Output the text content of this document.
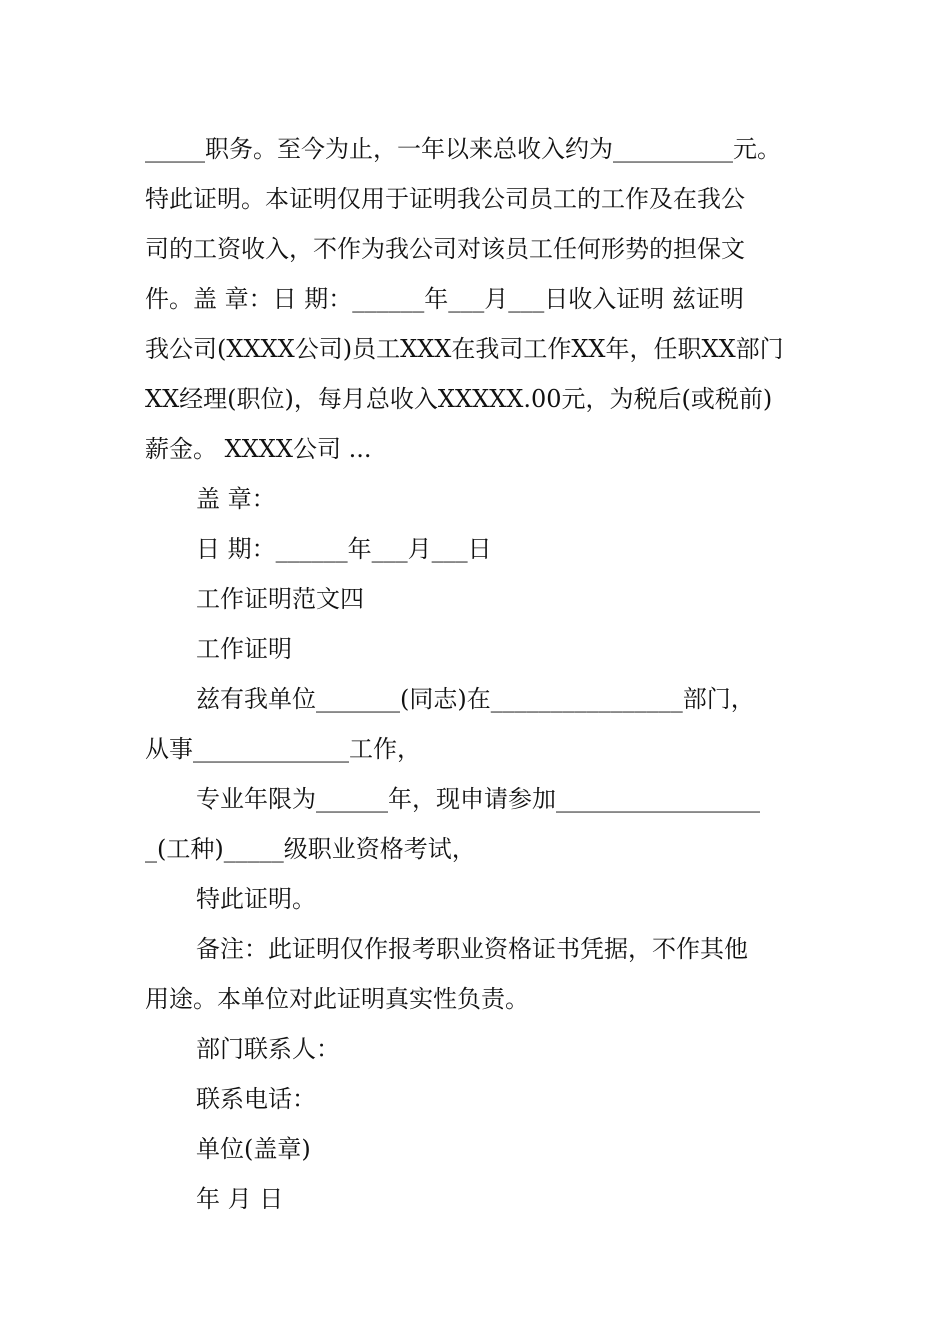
_____职务。至今为止，一年以来总收入约为__________元。
特此证明。本证明仅用于证明我公司员工的工作及在我公
司的工资收入，不作为我公司对该员工任何形势的担保文
件。盖 章：日 期：______年___月___日收入证明 兹证明
我公司(XXXX公司)员工XXX在我司工作XX年，任职XX部门
XX经理(职位)，每月总收入XXXXX.00元，为税后(或税前)
薪金。 XXXX公司 ...
盖 章：
日 期：______年___月___日
工作证明范文四
工作证明
兹有我单位_______(同志)在________________部门，
从事_____________工作，
专业年限为______年，现申请参加_________________
_(工种)_____级职业资格考试，
特此证明。
备注：此证明仅作报考职业资格证书凭据，不作其他
用途。本单位对此证明真实性负责。
部门联系人：
联系电话：
单位(盖章)
年 月 日
